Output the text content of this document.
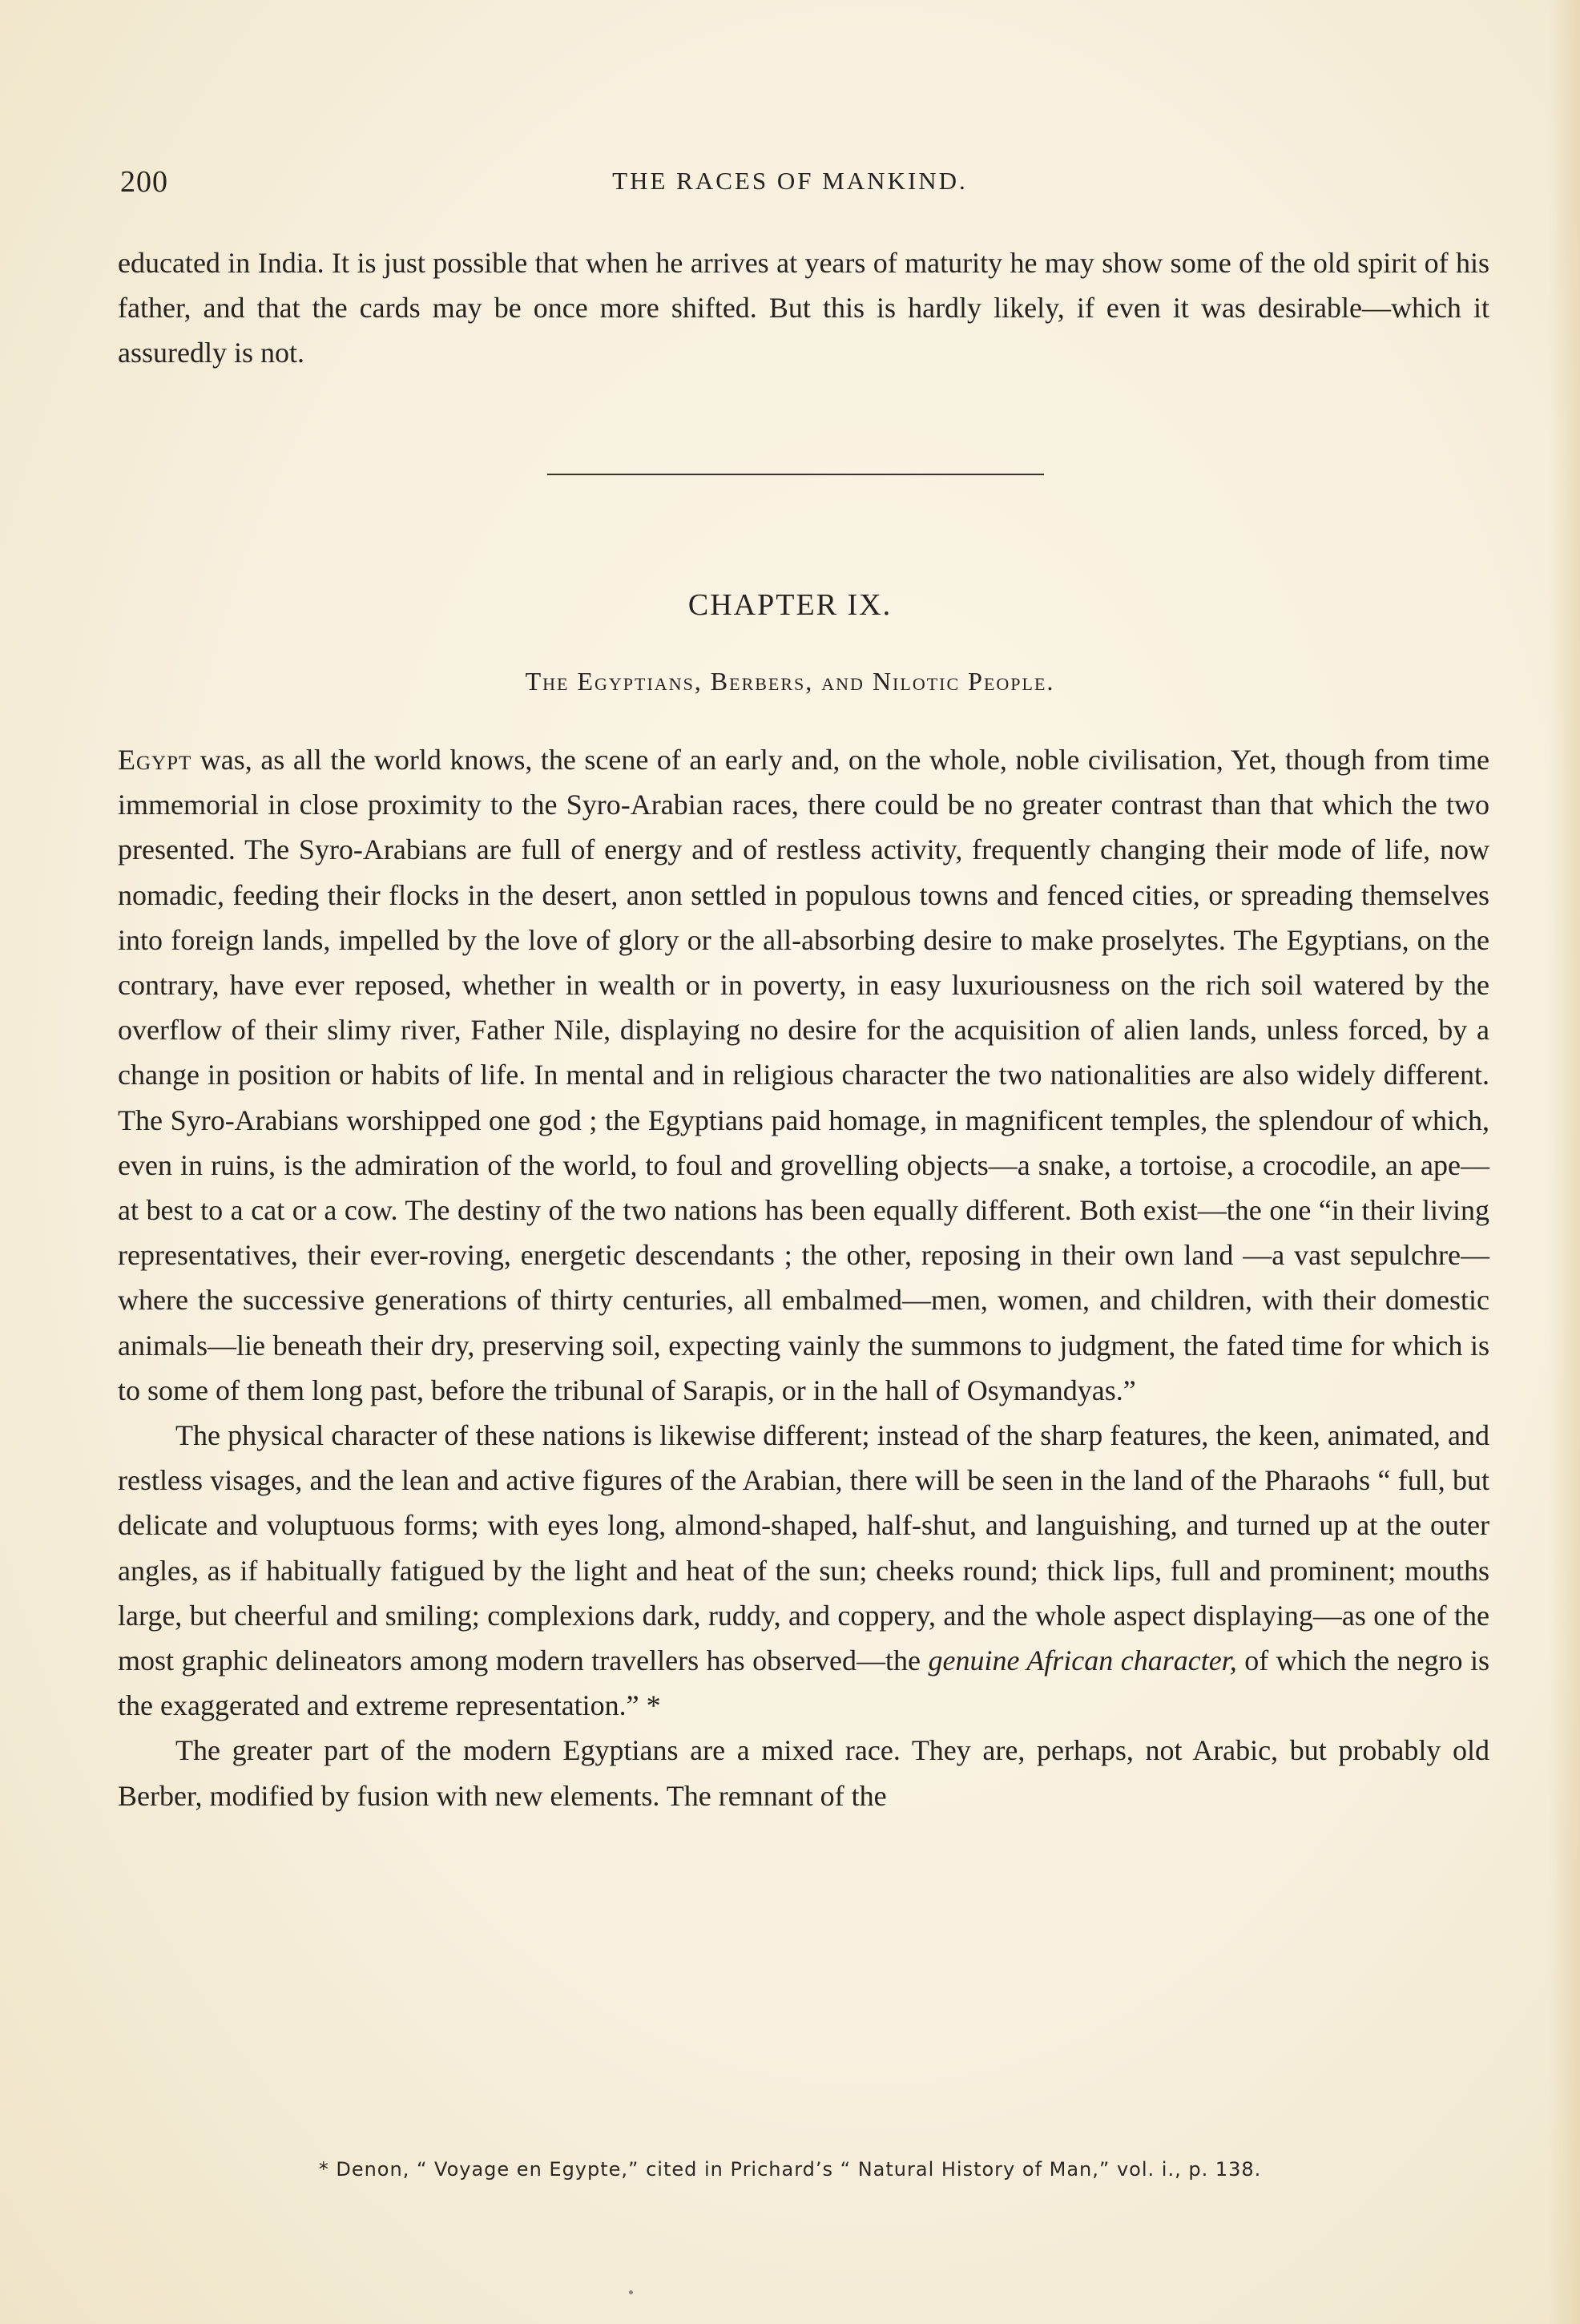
200	THE RACES OF MANKIND.

educated in India. It is just possible that when he arrives at years of maturity he may show some of the old spirit of his father, and that the cards may be once more shifted. But this is hardly likely, if even it was desirable—which it assuredly is not.

CHAPTER IX.
The Egyptians, Berbers, and Nilotic People.

Egypt was, as all the world knows, the scene of an early and, on the whole, noble civilisation, Yet, though from time immemorial in close proximity to the Syro-Arabian races, there could be no greater contrast than that which the two presented. The Syro-Arabians are full of energy and of restless activity, frequently changing their mode of life, now nomadic, feeding their flocks in the desert, anon settled in populous towns and fenced cities, or spreading themselves into foreign lands, impelled by the love of glory or the all-absorbing desire to make proselytes. The Egyptians, on the contrary, have ever reposed, whether in wealth or in poverty, in easy luxuriousness on the rich soil watered by the overflow of their slimy river, Father Nile, displaying no desire for the acquisition of alien lands, unless forced, by a change in position or habits of life. In mental and in religious character the two nationalities are also widely different. The Syro-Arabians worshipped one god ; the Egyptians paid homage, in magnificent temples, the splendour of which, even in ruins, is the admiration of the world, to foul and grovelling objects—a snake, a tortoise, a crocodile, an ape—at best to a cat or a cow. The destiny of the two nations has been equally different. Both exist—the one “in their living representatives, their ever-roving, energetic descendants ; the other, reposing in their own land —a vast sepulchre—where the successive generations of thirty centuries, all embalmed—men, women, and children, with their domestic animals—lie beneath their dry, preserving soil, expecting vainly the summons to judgment, the fated time for which is to some of them long past, before the tribunal of Sarapis, or in the hall of Osymandyas.”

The physical character of these nations is likewise different; instead of the sharp features, the keen, animated, and restless visages, and the lean and active figures of the Arabian, there will be seen in the land of the Pharaohs “ full, but delicate and voluptuous forms; with eyes long, almond-shaped, half-shut, and languishing, and turned up at the outer angles, as if habitually fatigued by the light and heat of the sun; cheeks round; thick lips, full and prominent; mouths large, but cheerful and smiling; complexions dark, ruddy, and coppery, and the whole aspect displaying—as one of the most graphic delineators among modern travellers has observed—the genuine African character, of which the negro is the exaggerated and extreme representation.” *

The greater part of the modern Egyptians are a mixed race. They are, perhaps, not Arabic, but probably old Berber, modified by fusion with new elements. The remnant of the

* Denon, “ Voyage en Egypte,” cited in Prichard’s “ Natural History of Man,” vol. i., p. 138.
